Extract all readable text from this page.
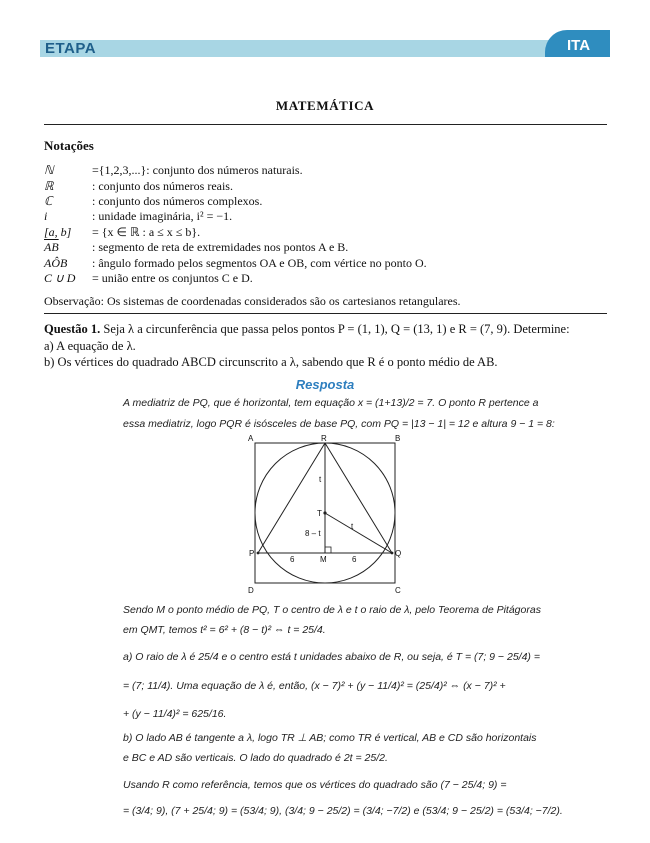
ETAPA	ITA
MATEMÁTICA
Notações
ℕ	={1,2,3,...}: conjunto dos números naturais.
ℝ	: conjunto dos números reais.
ℂ	: conjunto dos números complexos.
i	: unidade imaginária, i² = −1.
[a, b] = {x ∈ ℝ : a ≤ x ≤ b}.
$\overline{AB}$	: segmento de reta de extremidades nos pontos A e B.
AÔB : ângulo formado pelos segmentos OA e OB, com vértice no ponto O.
C ∪ D = união entre os conjuntos C e D.
Observação: Os sistemas de coordenadas considerados são os cartesianos retangulares.
Questão 1. Seja λ a circunferência que passa pelos pontos P = (1, 1), Q = (13, 1) e R = (7, 9). Determine:
a) A equação de λ.
b) Os vértices do quadrado ABCD circunscrito a λ, sabendo que R é o ponto médio de AB.
Resposta
A mediatriz de PQ, que é horizontal, tem equação x = (1+13)/2 = 7. O ponto R pertence a
essa mediatriz, logo PQR é isósceles de base PQ, com PQ = |13 − 1| = 12 e altura 9 − 1 = 8:
A	B
D	C
R
P	Q
M
T
t
t
8 – t
6	6
Sendo M o ponto médio de PQ, T o centro de λ e t o raio de λ, pelo Teorema de Pitágoras
em QMT, temos t² = 6² + (8 − t)² ⇔ t = 25/4.
a) O raio de λ é 25/4 e o centro está t unidades abaixo de R, ou seja, é T = (7; 9 − 25/4) =
= (7; 11/4). Uma equação de λ é, então, (x − 7)² + (y − 11/4)² = (25/4)² ⇔ (x − 7)² +
+ (y − 11/4)² = 625/16.
b) O lado AB é tangente a λ, logo TR ⊥ AB; como TR é vertical, AB e CD são horizontais
e BC e AD são verticais. O lado do quadrado é 2t = 25/2.
Usando R como referência, temos que os vértices do quadrado são (7 − 25/4; 9) =
= (3/4; 9), (7 + 25/4; 9) = (53/4; 9), (3/4; 9 − 25/2) = (3/4; −7/2) e (53/4; 9 − 25/2) = (53/4; −7/2).
